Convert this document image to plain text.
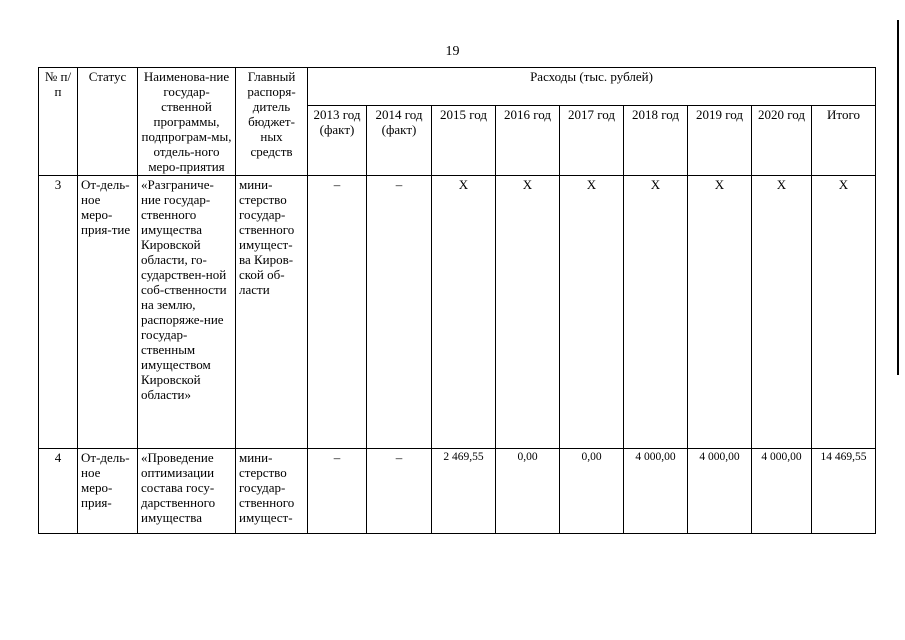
19
№ п/п	Статус	Наименова-ние государ-ственной программы, подпрограм-мы, отдель-ного меро-приятия	Главный распоря-дитель бюджет-ных средств	Расходы (тыс. рублей)								
				2013 год (факт)	2014 год (факт)	2015 год	2016 год	2017 год	2018 год	2019 год	2020 год	Итого
3	От-дель-ное меро-прия-тие	«Разграниче-ние государ-ственного имущества Кировской области, го-сударствен-ной соб-ственности на землю, распоряже-ние государ-ственным имуществом Кировской области»	мини-стерство государ-ственного имущест-ва Киров-ской об-ласти	–	–	Х	Х	Х	Х	Х	Х	Х
4	От-дель-ное меро-прия-	«Проведение оптимизации состава госу-дарственного имущества	мини-стерство государ-ственного имущест-	–	–	2 469,55	0,00	0,00	4 000,00	4 000,00	4 000,00	14 469,55
